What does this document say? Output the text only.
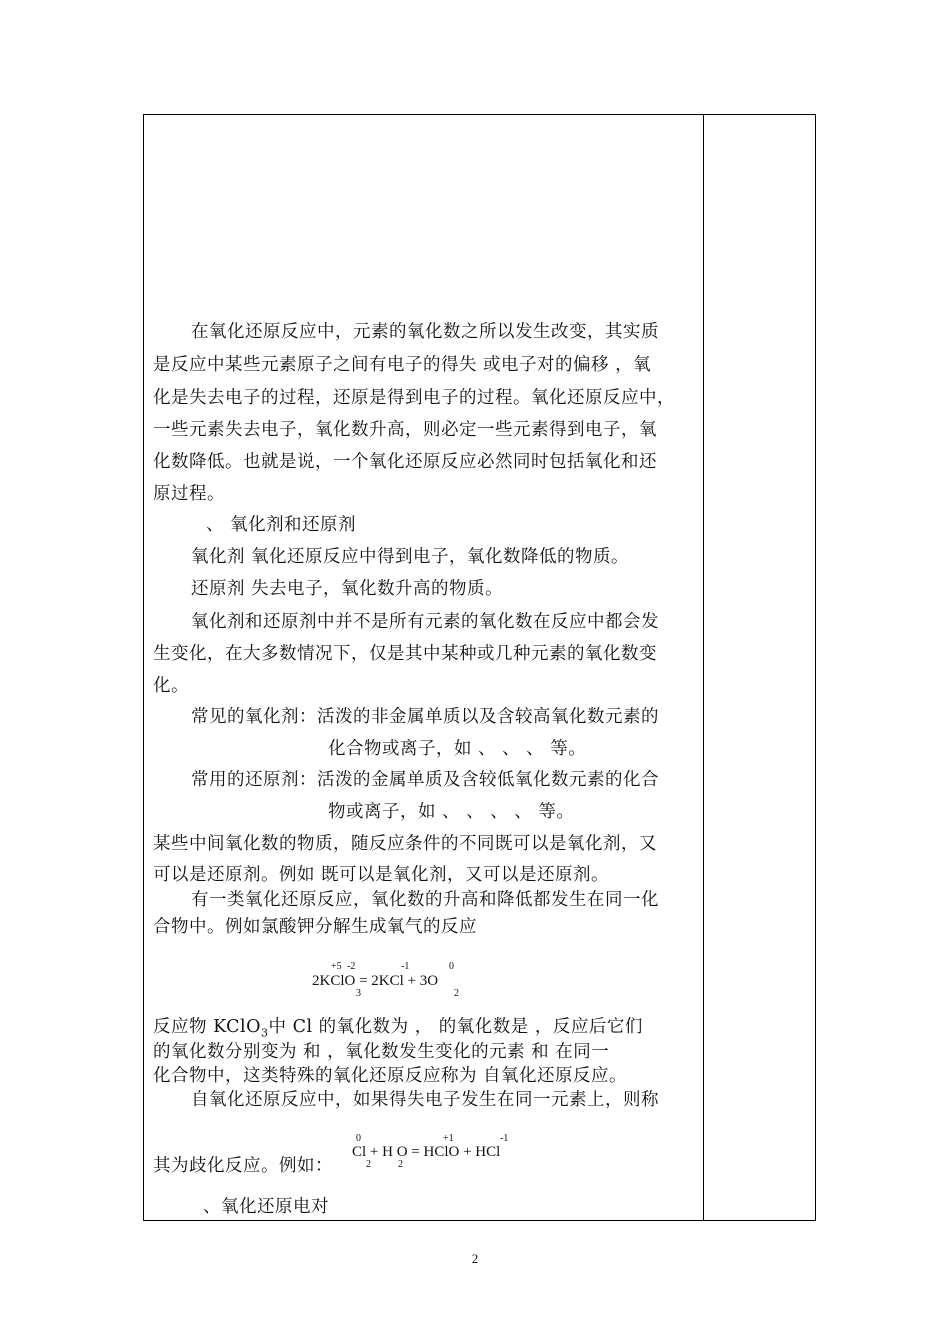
在氧化还原反应中，元素的氧化数之所以发生改变，其实质
是反应中某些元素原子之间有电子的得失 或电子对的偏移 ，氧
化是失去电子的过程，还原是得到电子的过程。氧化还原反应中，
一些元素失去电子，氧化数升高，则必定一些元素得到电子，氧
化数降低。也就是说，一个氧化还原反应必然同时包括氧化和还
原过程。
、 氧化剂和还原剂
氧化剂 氧化还原反应中得到电子，氧化数降低的物质。
还原剂 失去电子，氧化数升高的物质。
氧化剂和还原剂中并不是所有元素的氧化数在反应中都会发
生变化，在大多数情况下，仅是其中某种或几种元素的氧化数变
化。
常见的氧化剂：活泼的非金属单质以及含较高氧化数元素的
化合物或离子，如 、 、 、 等。
常用的还原剂：活泼的金属单质及含较低氧化数元素的化合
物或离子，如 、 、 、 、 等。
某些中间氧化数的物质，随反应条件的不同既可以是氧化剂，又
可以是还原剂。例如 既可以是氧化剂，又可以是还原剂。
有一类氧化还原反应，氧化数的升高和降低都发生在同一化
合物中。例如氯酸钾分解生成氧气的反应
+5 -2	-1	0
2KClO = 2KCl + 3O
3	2
反应物 KClO$_3$中 Cl 的氧化数为 ， 的氧化数是 ，反应后它们
的氧化数分别变为 和 ，氧化数发生变化的元素 和 在同一
化合物中，这类特殊的氧化还原反应称为 自氧化还原反应。
自氧化还原反应中，如果得失电子发生在同一元素上，则称
其为歧化反应。例如：
0	+1	-1
Cl + H O = HClO + HCl
2	2
、氧化还原电对
2
